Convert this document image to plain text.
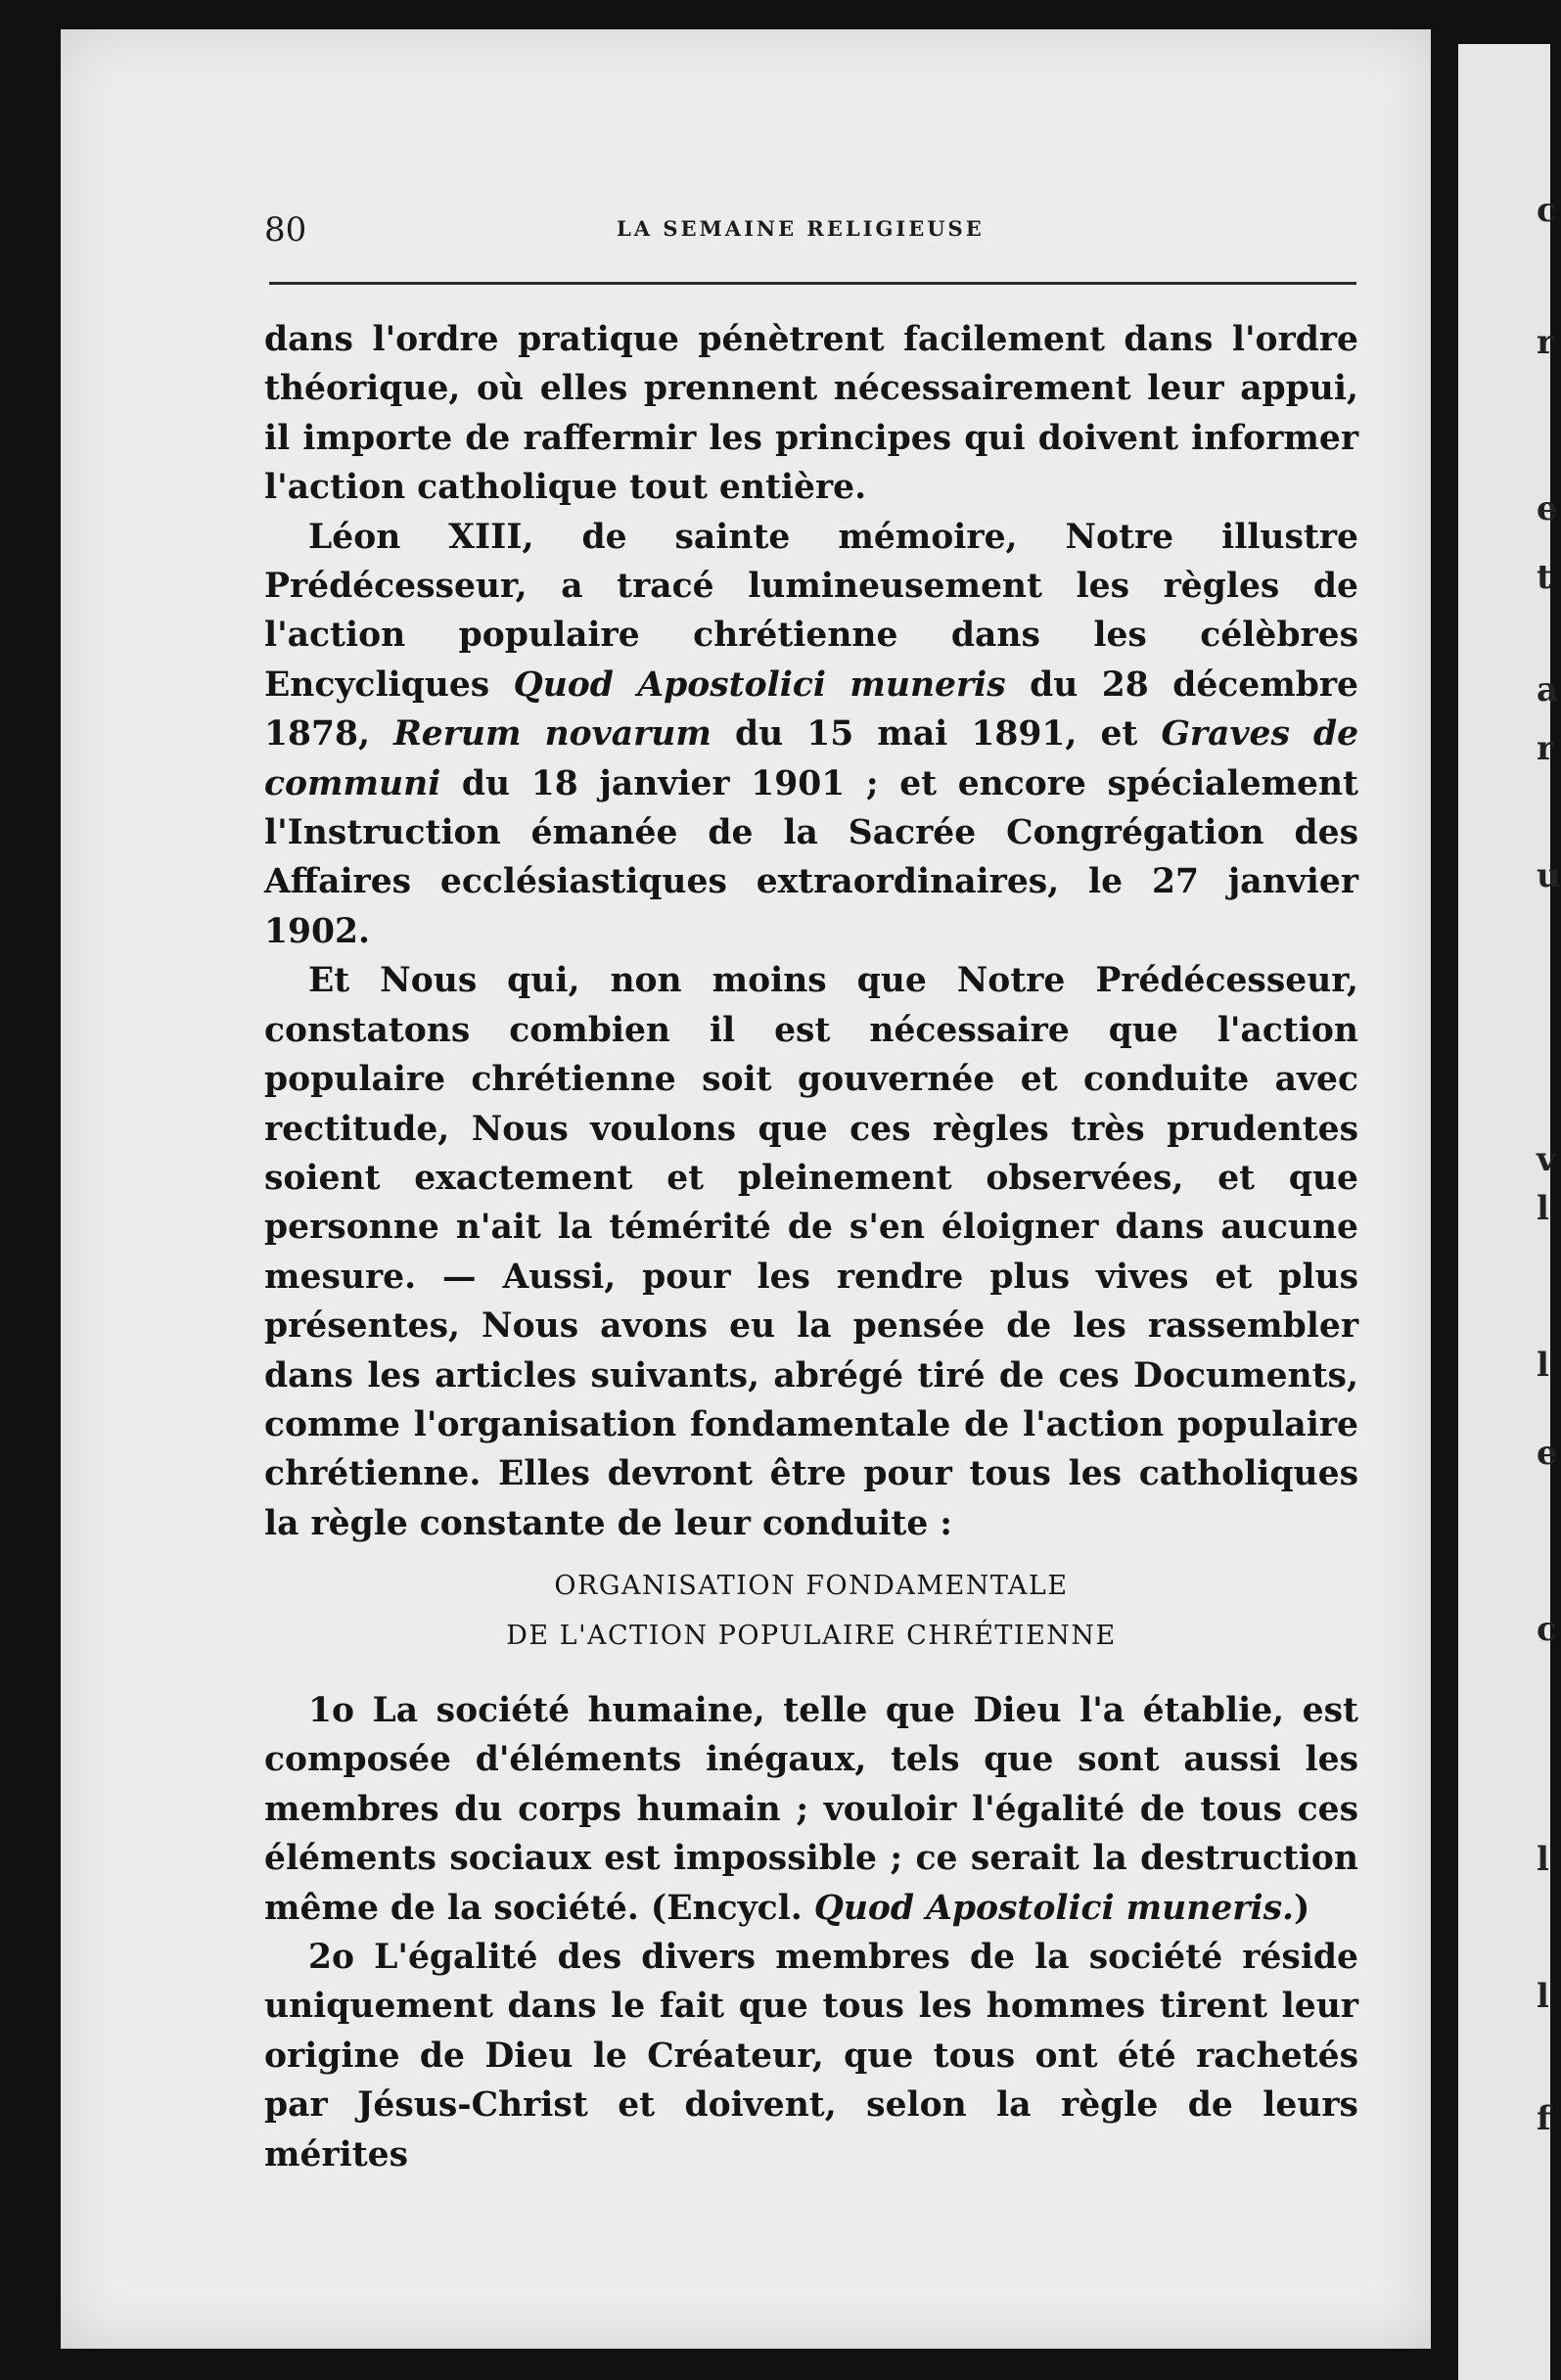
c
r
e
t
a
r
u
v
l
l
e
c
l
l
f
80	LA SEMAINE RELIGIEUSE

dans l'ordre pratique pénètrent facilement dans l'ordre théorique, où elles prennent nécessairement leur appui, il importe de raffermir les principes qui doivent informer l'action catholique tout entière.

Léon XIII, de sainte mémoire, Notre illustre Prédécesseur, a tracé lumineusement les règles de l'action populaire chrétienne dans les célèbres Encycliques Quod Apostolici muneris du 28 décembre 1878, Rerum novarum du 15 mai 1891, et Graves de communi du 18 janvier 1901 ; et encore spécialement l'Instruction émanée de la Sacrée Congrégation des Affaires ecclésiastiques extraordinaires, le 27 janvier 1902.

Et Nous qui, non moins que Notre Prédécesseur, constatons combien il est nécessaire que l'action populaire chrétienne soit gouvernée et conduite avec rectitude, Nous voulons que ces règles très prudentes soient exactement et pleinement observées, et que personne n'ait la témérité de s'en éloigner dans aucune mesure. — Aussi, pour les rendre plus vives et plus présentes, Nous avons eu la pensée de les rassembler dans les articles suivants, abrégé tiré de ces Documents, comme l'organisation fondamentale de l'action populaire chrétienne. Elles devront être pour tous les catholiques la règle constante de leur conduite :

ORGANISATION FONDAMENTALE

DE L'ACTION POPULAIRE CHRÉTIENNE

1o La société humaine, telle que Dieu l'a établie, est composée d'éléments inégaux, tels que sont aussi les membres du corps humain ; vouloir l'égalité de tous ces éléments sociaux est impossible ; ce serait la destruction même de la société. (Encycl. Quod Apostolici muneris.)

2o L'égalité des divers membres de la société réside uniquement dans le fait que tous les hommes tirent leur origine de Dieu le Créateur, que tous ont été rachetés par Jésus-Christ et doivent, selon la règle de leurs mérites
